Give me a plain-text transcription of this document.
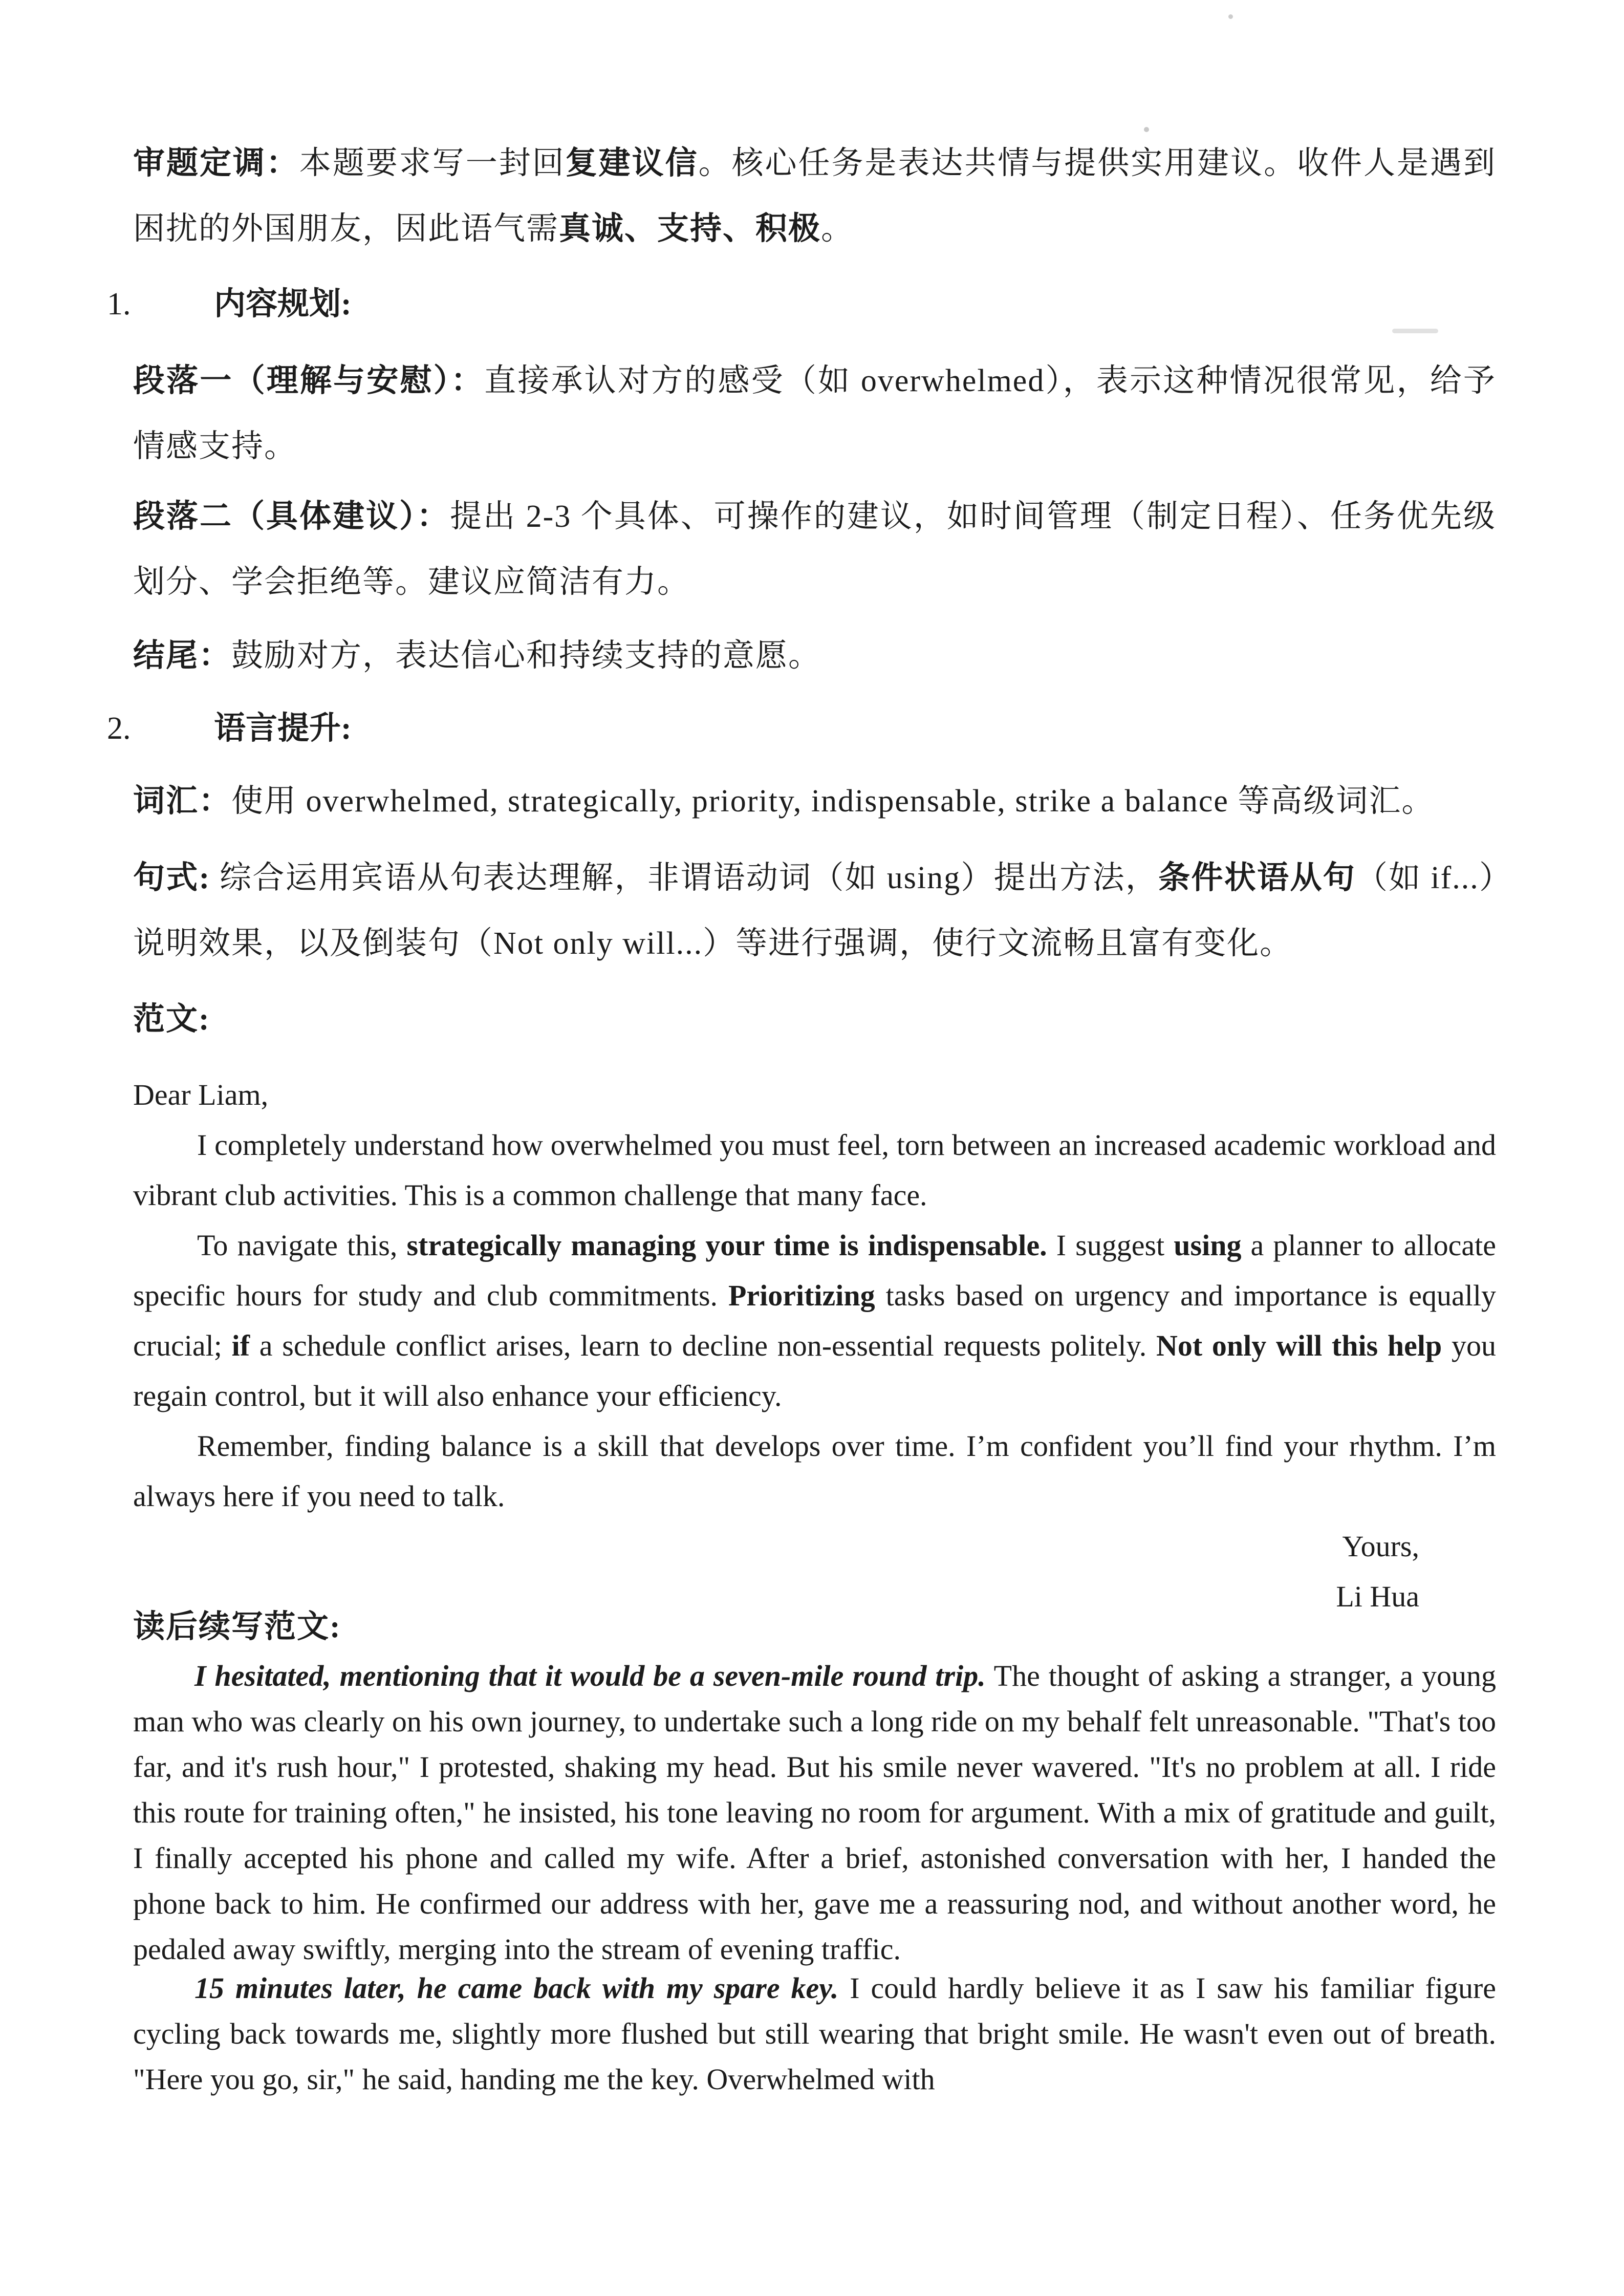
审题定调：本题要求写一封回复建议信。核心任务是表达共情与提供实用建议。收件人是遇到困扰的外国朋友，因此语气需真诚、支持、积极。

1.	内容规划:

段落一（理解与安慰）：直接承认对方的感受（如 overwhelmed），表示这种情况很常见，给予情感支持。

段落二（具体建议）：提出 2-3 个具体、可操作的建议，如时间管理（制定日程）、任务优先级划分、学会拒绝等。建议应简洁有力。

结尾：鼓励对方，表达信心和持续支持的意愿。

2.	语言提升:

词汇：使用 overwhelmed, strategically, priority, indispensable, strike a balance 等高级词汇。

句式: 综合运用宾语从句表达理解，非谓语动词（如 using）提出方法，条件状语从句（如 if...）说明效果，以及倒装句（Not only will...）等进行强调，使行文流畅且富有变化。

范文:

Dear Liam,

I completely understand how overwhelmed you must feel, torn between an increased academic workload and vibrant club activities. This is a common challenge that many face.

To navigate this, strategically managing your time is indispensable. I suggest using a planner to allocate specific hours for study and club commitments. Prioritizing tasks based on urgency and importance is equally crucial; if a schedule conflict arises, learn to decline non-essential requests politely. Not only will this help you regain control, but it will also enhance your efficiency.

Remember, finding balance is a skill that develops over time. I’m confident you’ll find your rhythm. I’m always here if you need to talk.

Yours,

Li Hua

读后续写范文:

I hesitated, mentioning that it would be a seven-mile round trip. The thought of asking a stranger, a young man who was clearly on his own journey, to undertake such a long ride on my behalf felt unreasonable. "That's too far, and it's rush hour," I protested, shaking my head. But his smile never wavered. "It's no problem at all. I ride this route for training often," he insisted, his tone leaving no room for argument. With a mix of gratitude and guilt, I finally accepted his phone and called my wife. After a brief, astonished conversation with her, I handed the phone back to him. He confirmed our address with her, gave me a reassuring nod, and without another word, he pedaled away swiftly, merging into the stream of evening traffic.

15 minutes later, he came back with my spare key. I could hardly believe it as I saw his familiar figure cycling back towards me, slightly more flushed but still wearing that bright smile. He wasn't even out of breath. "Here you go, sir," he said, handing me the key. Overwhelmed with
